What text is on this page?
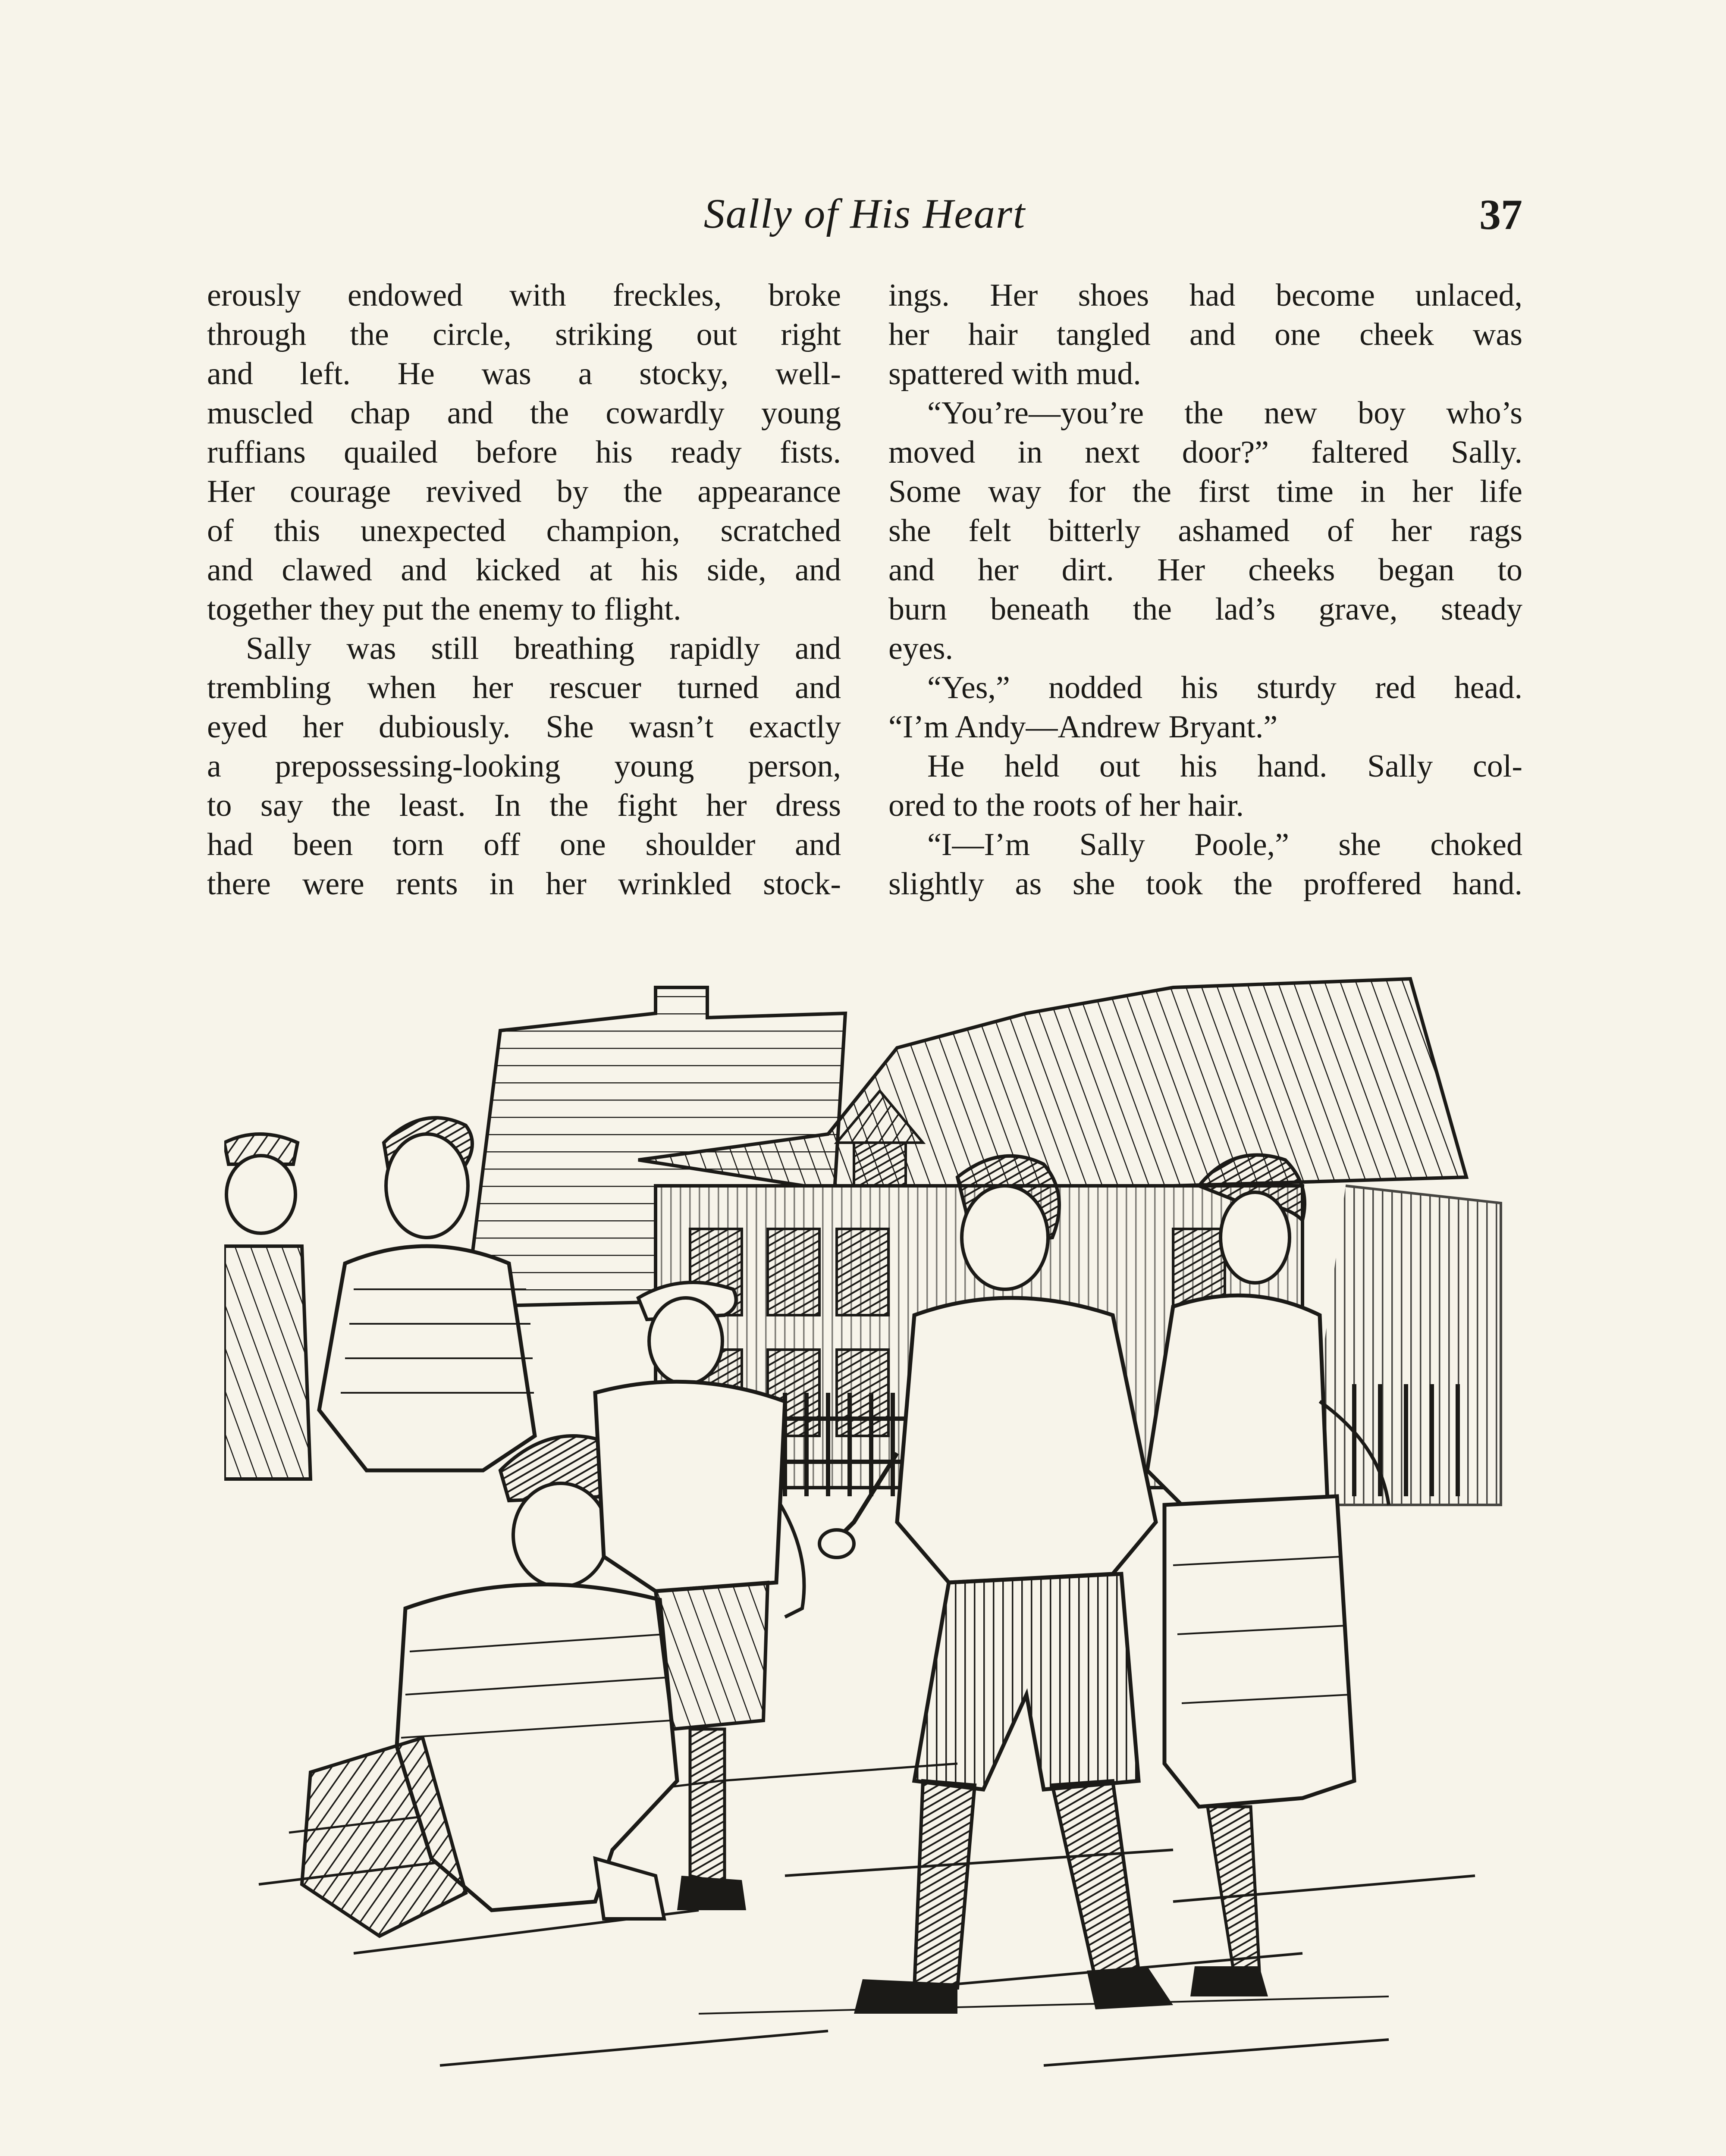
Sally of His Heart	37
erously endowed with freckles, broke
through the circle, striking out right
and left. He was a stocky, well-
muscled chap and the cowardly young
ruffians quailed before his ready fists.
Her courage revived by the appearance
of this unexpected champion, scratched
and clawed and kicked at his side, and
together they put the enemy to flight.
Sally was still breathing rapidly and
trembling when her rescuer turned and
eyed her dubiously. She wasn’t exactly
a prepossessing-looking young person,
to say the least. In the fight her dress
had been torn off one shoulder and
there were rents in her wrinkled stock-
ings. Her shoes had become unlaced,
her hair tangled and one cheek was
spattered with mud.
“You’re—you’re the new boy who’s
moved in next door?” faltered Sally.
Some way for the first time in her life
she felt bitterly ashamed of her rags
and her dirt. Her cheeks began to
burn beneath the lad’s grave, steady
eyes.
“Yes,” nodded his sturdy red head.
“I’m Andy—Andrew Bryant.”
He held out his hand. Sally col-
ored to the roots of her hair.
“I—I’m Sally Poole,” she choked
slightly as she took the proffered hand.
